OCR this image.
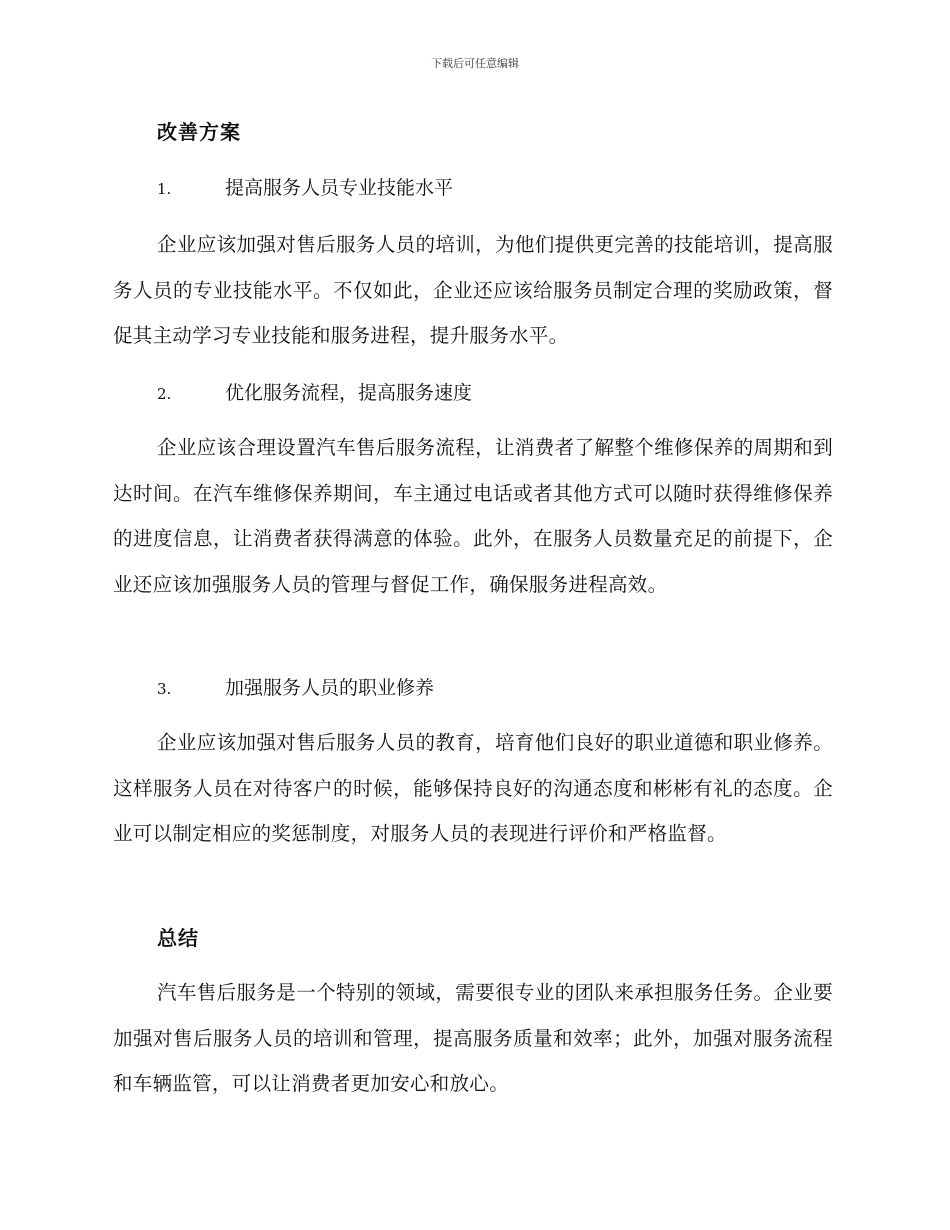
下载后可任意编辑
改善方案
1.	提高服务人员专业技能水平
企业应该加强对售后服务人员的培训，为他们提供更完善的技能培训，提高服务人员的专业技能水平。不仅如此，企业还应该给服务员制定合理的奖励政策，督促其主动学习专业技能和服务进程，提升服务水平。
2.	优化服务流程，提高服务速度
企业应该合理设置汽车售后服务流程，让消费者了解整个维修保养的周期和到达时间。在汽车维修保养期间，车主通过电话或者其他方式可以随时获得维修保养的进度信息，让消费者获得满意的体验。此外，在服务人员数量充足的前提下，企业还应该加强服务人员的管理与督促工作，确保服务进程高效。
3.	加强服务人员的职业修养
企业应该加强对售后服务人员的教育，培育他们良好的职业道德和职业修养。这样服务人员在对待客户的时候，能够保持良好的沟通态度和彬彬有礼的态度。企业可以制定相应的奖惩制度，对服务人员的表现进行评价和严格监督。
总结
汽车售后服务是一个特别的领域，需要很专业的团队来承担服务任务。企业要加强对售后服务人员的培训和管理，提高服务质量和效率；此外，加强对服务流程和车辆监管，可以让消费者更加安心和放心。
